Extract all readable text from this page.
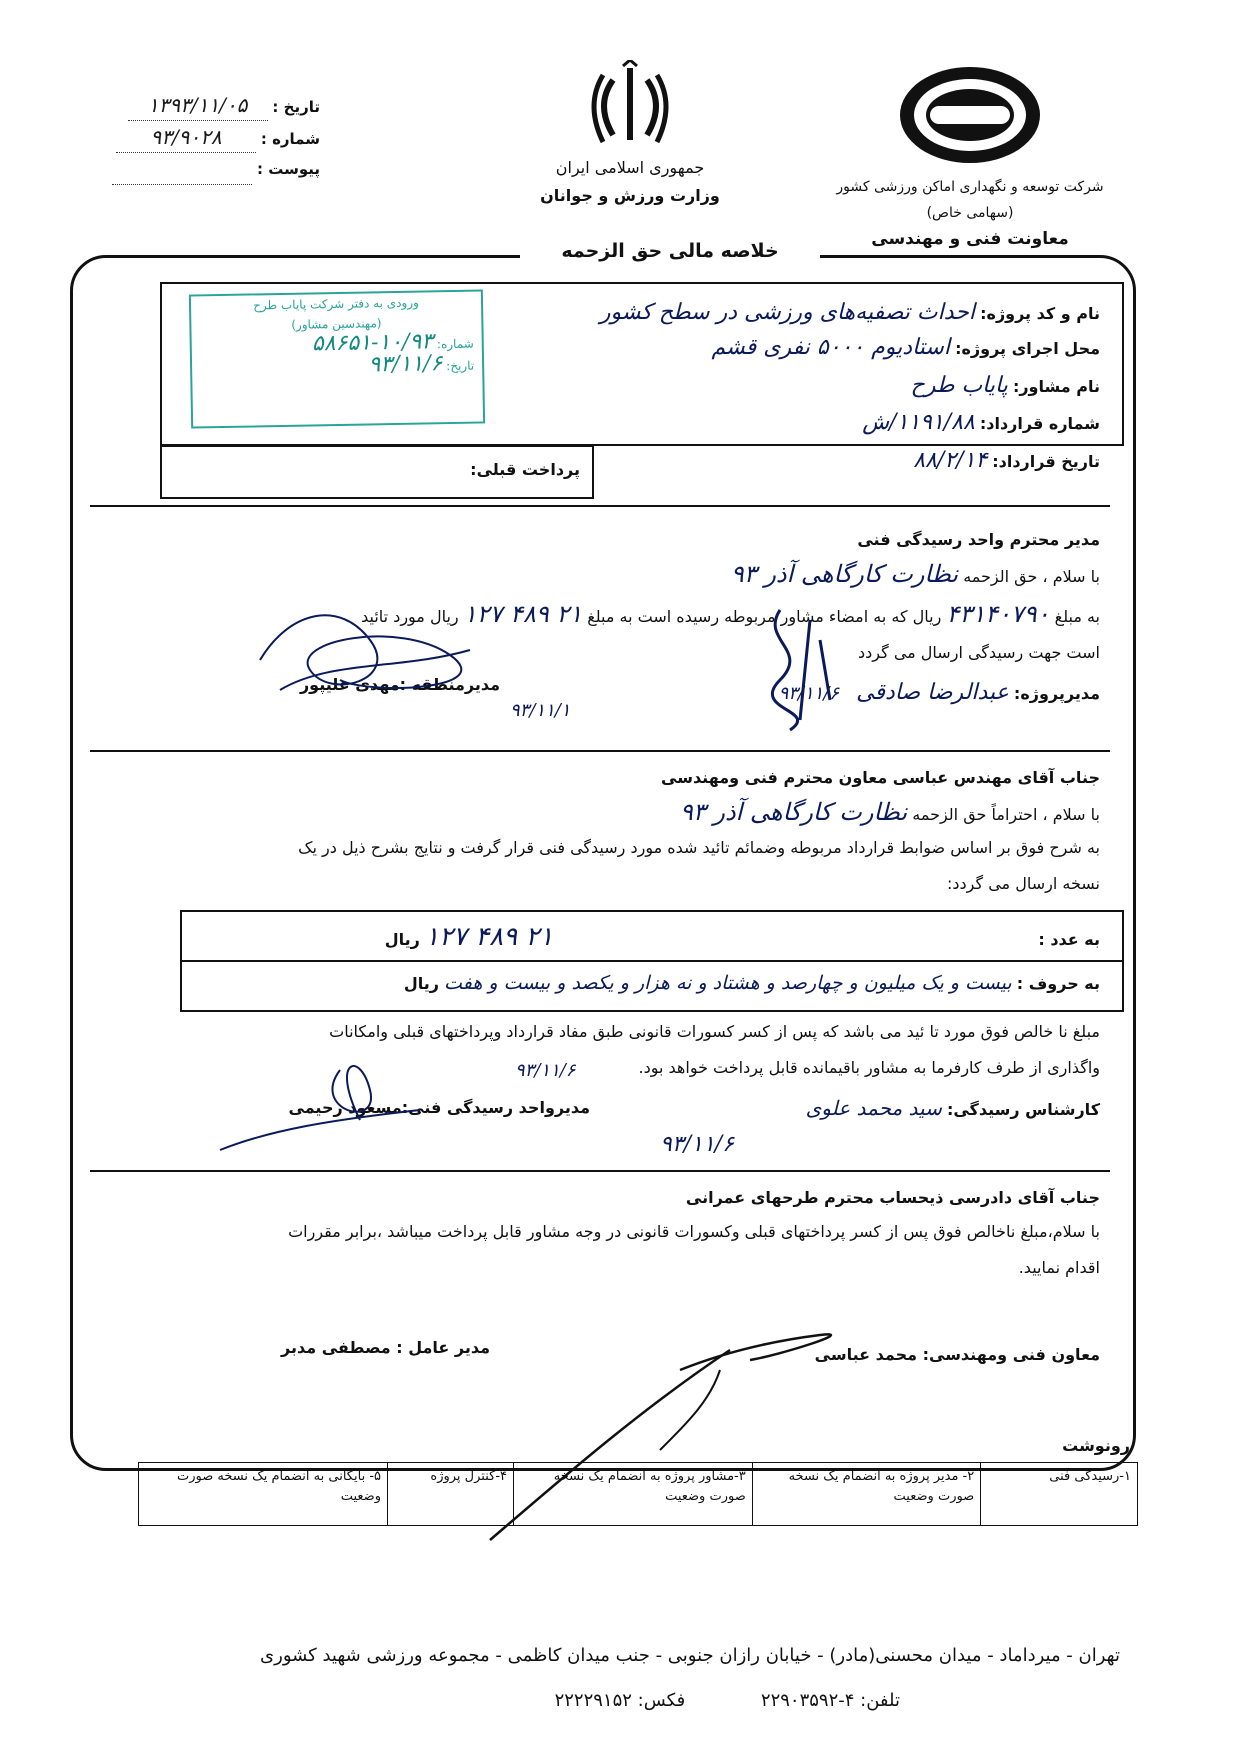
شرکت توسعه و نگهداری اماکن ورزشی کشور
(سهامی خاص)
معاونت فنی و مهندسی
جمهوری اسلامی ایران
وزارت ورزش و جوانان
تاریخ : ۱۳۹۳/۱۱/۰۵
شماره : ۹۳/۹۰۲۸
پیوست :
خلاصه مالی حق الزحمه
ورودی به دفتر شرکت پایاب طرح
(مهندسین مشاور)
شماره: ۱۰/۹۳-۵۸۶۵۱
تاریخ: ۹۳/۱۱/۶
نام و کد پروژه: احداث تصفیه‌های ورزشی در سطح کشور
محل اجرای پروژه: استادیوم ۵۰۰۰ نفری قشم
نام مشاور: پایاب طرح
شماره قرارداد: ۱۱۹۱/۸۸/ش
تاریخ قرارداد: ۸۸/۲/۱۴
پرداخت قبلی:
مدیر محترم واحد رسیدگی فنی
با سلام ، حق الزحمه نظارت کارگاهی آذر ۹۳
به مبلغ ۴۳۱۴۰۷۹۰ ریال که به امضاء مشاور مربوطه رسیده است به مبلغ ۲۱ ۴۸۹ ۱۲۷ ریال مورد تائید
است جهت رسیدگی ارسال می گردد
مدیرپروژه: عبدالرضا صادقی ۹۳/۱۱/۶
مدیرمنطقه :مهدی علیپور
۹۳/۱۱/۱
جناب آقای مهندس عباسی معاون محترم فنی ومهندسی
با سلام ، احتراماً حق الزحمه نظارت کارگاهی آذر ۹۳
به شرح فوق بر اساس ضوابط قرارداد مربوطه وضمائم تائید شده مورد رسیدگی فنی قرار گرفت و نتایج بشرح ذیل در یک
نسخه ارسال می گردد:
به عدد : ۲۱ ۴۸۹ ۱۲۷ ریال
به حروف : بیست و یک میلیون و چهارصد و هشتاد و نه هزار و یکصد و بیست و هفت ریال
مبلغ نا خالص فوق مورد تا ئید می باشد که پس از کسر کسورات قانونی طبق مفاد قرارداد وپرداختهای قبلی وامکانات
واگذاری از طرف کارفرما به مشاور باقیمانده قابل پرداخت خواهد بود.
کارشناس رسیدگی: سید محمد علوی
۹۳/۱۱/۶
مدیرواحد رسیدگی فنی:مسعود رحیمی
۹۳/۱۱/۶
جناب آقای دادرسی ذیحساب محترم طرحهای عمرانی
با سلام،مبلغ ناخالص فوق پس از کسر پرداختهای قبلی وکسورات قانونی در وجه مشاور قابل پرداخت میباشد ،برابر مقررات
اقدام نمایید.
معاون فنی ومهندسی: محمد عباسی
مدیر عامل : مصطفی مدبر
رونوشت
۱-رسیدگی فنی	۲- مدیر پروژه به انضمام یک نسخه صورت وضعیت	۳-مشاور پروژه به انضمام یک نسخه صورت وضعیت	۴-کنترل پروژه	۵- بایگانی به انضمام یک نسخه صورت وضعیت
تهران - میرداماد - میدان محسنی(مادر) - خیابان رازان جنوبی - جنب میدان کاظمی - مجموعه ورزشی شهید کشوری
تلفن: ۴-۲۲۹۰۳۵۹۲ فکس: ۲۲۲۲۹۱۵۲
